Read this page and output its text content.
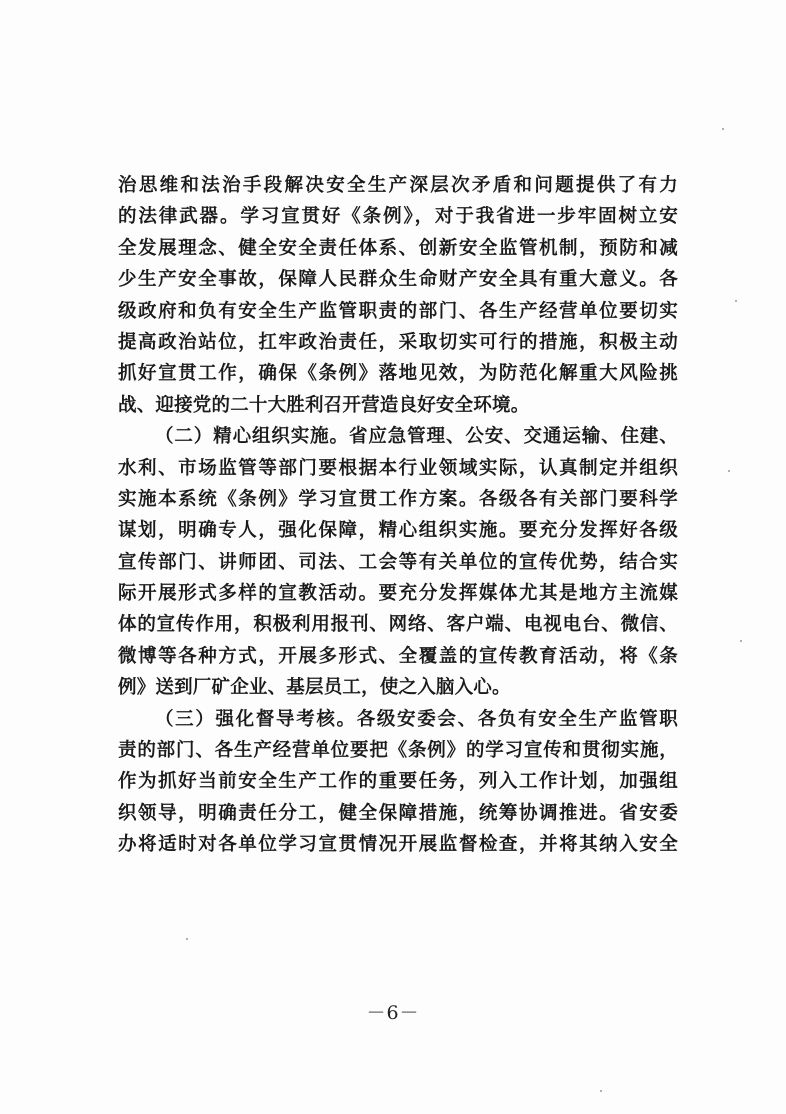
治思维和法治手段解决安全生产深层次矛盾和问题提供了有力
的法律武器。学习宣贯好《条例》，对于我省进一步牢固树立安
全发展理念、健全安全责任体系、创新安全监管机制，预防和减
少生产安全事故，保障人民群众生命财产安全具有重大意义。各
级政府和负有安全生产监管职责的部门、各生产经营单位要切实
提高政治站位，扛牢政治责任，采取切实可行的措施，积极主动
抓好宣贯工作，确保《条例》落地见效，为防范化解重大风险挑
战、迎接党的二十大胜利召开营造良好安全环境。
（二）精心组织实施。省应急管理、公安、交通运输、住建、
水利、市场监管等部门要根据本行业领域实际，认真制定并组织
实施本系统《条例》学习宣贯工作方案。各级各有关部门要科学
谋划，明确专人，强化保障，精心组织实施。要充分发挥好各级
宣传部门、讲师团、司法、工会等有关单位的宣传优势，结合实
际开展形式多样的宣教活动。要充分发挥媒体尤其是地方主流媒
体的宣传作用，积极利用报刊、网络、客户端、电视电台、微信、
微博等各种方式，开展多形式、全覆盖的宣传教育活动，将《条
例》送到厂矿企业、基层员工，使之入脑入心。
（三）强化督导考核。各级安委会、各负有安全生产监管职
责的部门、各生产经营单位要把《条例》的学习宣传和贯彻实施，
作为抓好当前安全生产工作的重要任务，列入工作计划，加强组
织领导，明确责任分工，健全保障措施，统筹协调推进。省安委
办将适时对各单位学习宣贯情况开展监督检查，并将其纳入安全
－6－
